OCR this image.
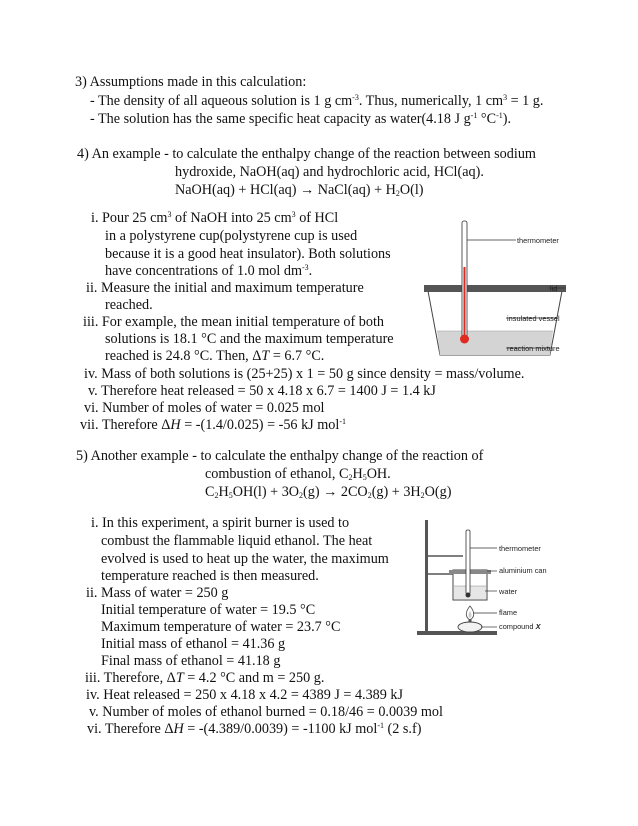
3) Assumptions made in this calculation:
- The density of all aqueous solution is 1 g $cm^{-3}$. Thus, numerically, 1 $cm^3 = 1$ g.
- The solution has the same specific heat capacity as water(4.18 J $g^{-1}$ $^\circ C^{-1}$).
4) An example - to calculate the enthalpy change of the reaction between sodium
hydroxide, NaOH(aq) and hydrochloric acid, HCl(aq).
NaOH(aq) + HCl(aq) → NaCl(aq) + $H_2O(l)$
i. Pour 25 $cm^3$ of NaOH into 25 $cm^3$ of HCl
in a polystyrene cup(polystyrene cup is used
because it is a good heat insulator). Both solutions
have concentrations of 1.0 mol $dm^{-3}$.
ii. Measure the initial and maximum temperature
reached.
iii. For example, the mean initial temperature of both
solutions is 18.1 °C and the maximum temperature
reached is 24.8 °C. Then, ΔT = 6.7 °C.
iv. Mass of both solutions is (25+25) x 1 = 50 g since density = mass/volume.
v. Therefore heat released = 50 x 4.18 x 6.7 = 1400 J = 1.4 kJ
vi. Number of moles of water = 0.025 mol
vii. Therefore ΔH = -(1.4/0.025) = -56 kJ mol$^{-1}$
thermometer
lid
insulated vessel
reaction mixture
5) Another example - to calculate the enthalpy change of the reaction of
combustion of ethanol, $C_2H_5OH$.
$C_2H_5OH(l) + 3O_2(g) \to 2CO_2(g) + 3H_2O(g)$
i. In this experiment, a spirit burner is used to
combust the flammable liquid ethanol. The heat
evolved is used to heat up the water, the maximum
temperature reached is then measured.
ii. Mass of water = 250 g
Initial temperature of water = 19.5 °C
Maximum temperature of water = 23.7 °C
Initial mass of ethanol = 41.36 g
Final mass of ethanol = 41.18 g
iii. Therefore, ΔT = 4.2 °C and m = 250 g.
iv. Heat released = 250 x 4.18 x 4.2 = 4389 J = 4.389 kJ
v. Number of moles of ethanol burned = 0.18/46 = 0.0039 mol
vi. Therefore ΔH = -(4.389/0.0039) = -1100 kJ mol$^{-1}$ (2 s.f)
thermometer
aluminium can
water
flame
compound X
